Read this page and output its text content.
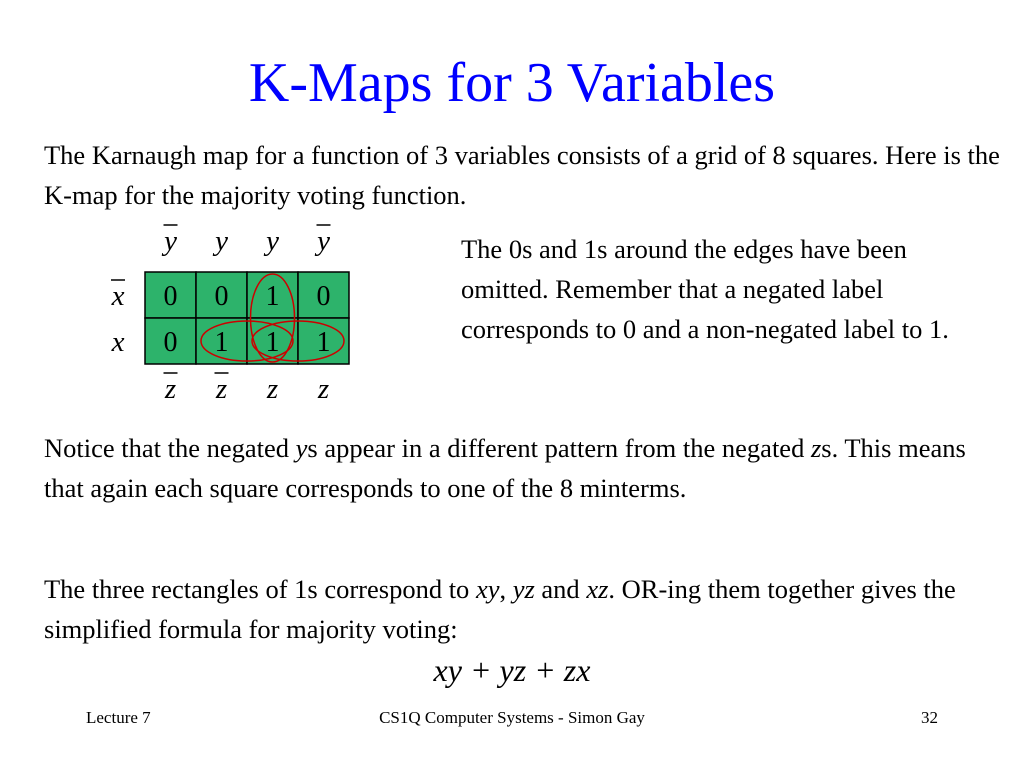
K-Maps for 3 Variables
The Karnaugh map for a function of 3 variables consists of a grid of 8 squares. Here is the K-map for the majority voting function.
0 0 1 0
0 1 1 1
y y y y
z z z z
x
x
The 0s and 1s around the edges have been omitted. Remember that a negated label corresponds to 0 and a non-negated label to 1.
Notice that the negated ys appear in a different pattern from the negated zs. This means that again each square corresponds to one of the 8 minterms.
The three rectangles of 1s correspond to xy, yz and xz. OR-ing them together gives the simplified formula for majority voting:
xy + yz + zx
Lecture 7	CS1Q Computer Systems - Simon Gay	32
